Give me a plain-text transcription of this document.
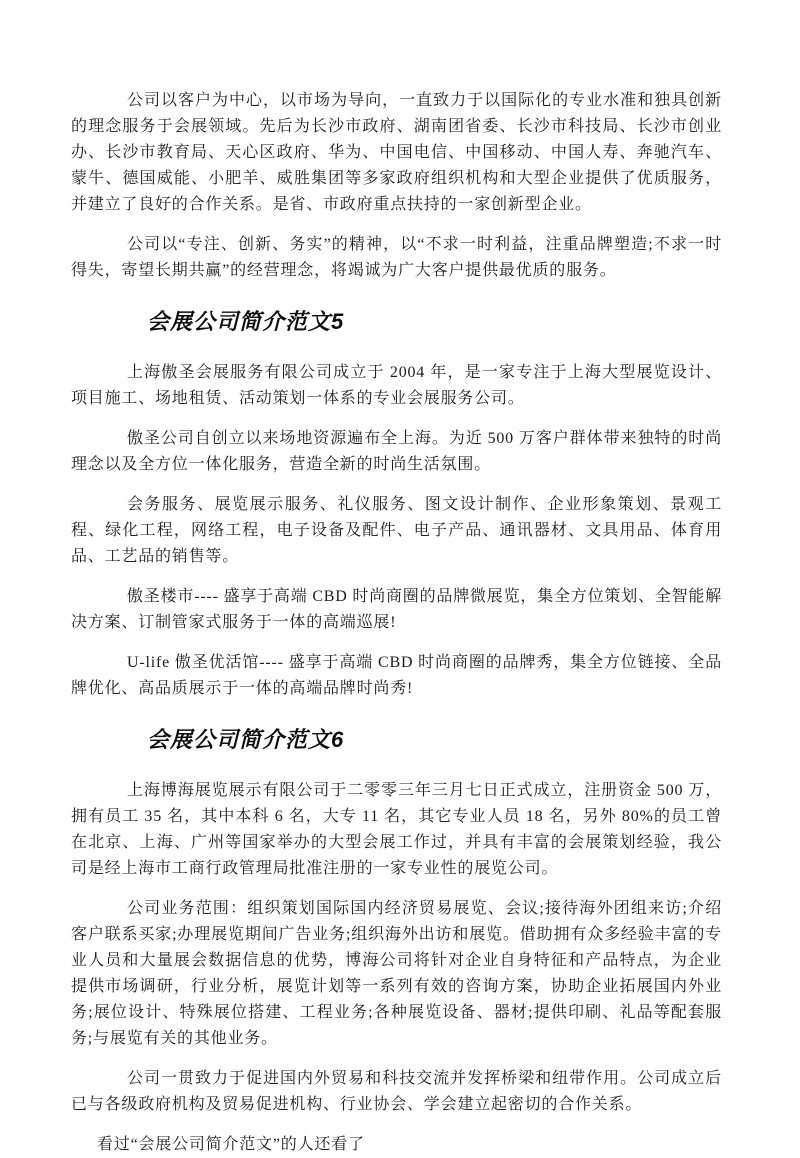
公司以客户为中心，以市场为导向，一直致力于以国际化的专业水准和独具创新的理念服务于会展领域。先后为长沙市政府、湖南团省委、长沙市科技局、长沙市创业办、长沙市教育局、天心区政府、华为、中国电信、中国移动、中国人寿、奔驰汽车、蒙牛、德国威能、小肥羊、威胜集团等多家政府组织机构和大型企业提供了优质服务，并建立了良好的合作关系。是省、市政府重点扶持的一家创新型企业。

公司以“专注、创新、务实”的精神，以“不求一时利益，注重品牌塑造;不求一时得失，寄望长期共赢”的经营理念，将竭诚为广大客户提供最优质的服务。

会展公司简介范文5

上海傲圣会展服务有限公司成立于 2004 年，是一家专注于上海大型展览设计、项目施工、场地租赁、活动策划一体系的专业会展服务公司。

傲圣公司自创立以来场地资源遍布全上海。为近 500 万客户群体带来独特的时尚理念以及全方位一体化服务，营造全新的时尚生活氛围。

会务服务、展览展示服务、礼仪服务、图文设计制作、企业形象策划、景观工程、绿化工程，网络工程，电子设备及配件、电子产品、通讯器材、文具用品、体育用品、工艺品的销售等。

傲圣楼市---- 盛享于高端 CBD 时尚商圈的品牌微展览，集全方位策划、全智能解决方案、订制管家式服务于一体的高端巡展!

U-life 傲圣优活馆---- 盛享于高端 CBD 时尚商圈的品牌秀，集全方位链接、全品牌优化、高品质展示于一体的高端品牌时尚秀!

会展公司简介范文6

上海博海展览展示有限公司于二零零三年三月七日正式成立，注册资金 500 万，拥有员工 35 名，其中本科 6 名，大专 11 名，其它专业人员 18 名，另外 80%的员工曾在北京、上海、广州等国家举办的大型会展工作过，并具有丰富的会展策划经验，我公司是经上海市工商行政管理局批准注册的一家专业性的展览公司。

公司业务范围：组织策划国际国内经济贸易展览、会议;接待海外团组来访;介绍客户联系买家;办理展览期间广告业务;组织海外出访和展览。借助拥有众多经验丰富的专业人员和大量展会数据信息的优势，博海公司将针对企业自身特征和产品特点，为企业提供市场调研，行业分析，展览计划等一系列有效的咨询方案，协助企业拓展国内外业务;展位设计、特殊展位搭建、工程业务;各种展览设备、器材;提供印刷、礼品等配套服务;与展览有关的其他业务。

公司一贯致力于促进国内外贸易和科技交流并发挥桥梁和纽带作用。公司成立后已与各级政府机构及贸易促进机构、行业协会、学会建立起密切的合作关系。

看过“会展公司简介范文”的人还看了
